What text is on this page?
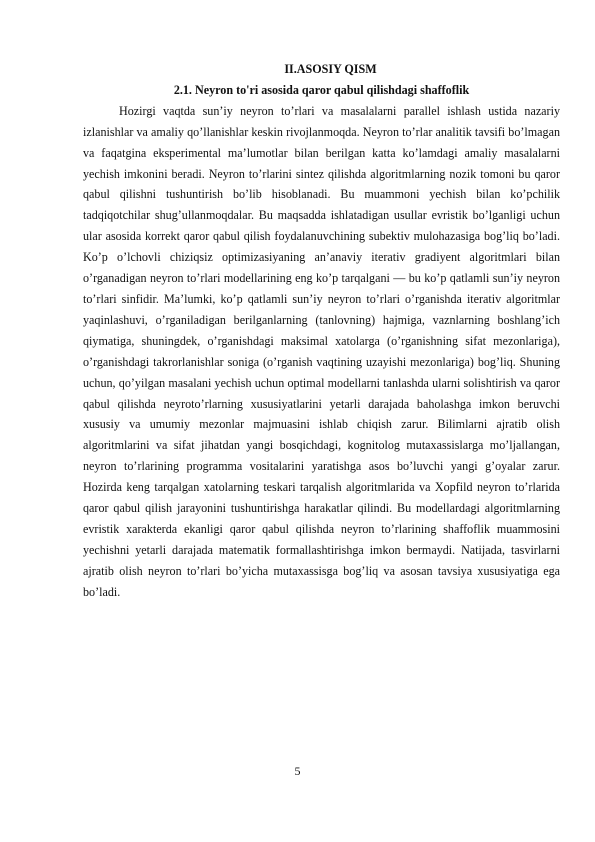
II.ASOSIY QISM
2.1. Neyron to'ri asosida qaror qabul qilishdagi shaffoflik

Hozirgi vaqtda sun’iy neyron to’rlari va masalalarni parallel ishlash ustida nazariy izlanishlar va amaliy qo’llanishlar keskin rivojlanmoqda. Neyron to’rlar analitik tavsifi bo’lmagan va faqatgina eksperimental ma’lumotlar bilan berilgan katta ko’lamdagi amaliy masalalarni yechish imkonini beradi. Neyron to’rlarini sintez qilishda algoritmlarning nozik tomoni bu qaror qabul qilishni tushuntirish bo’lib hisoblanadi. Bu muammoni yechish bilan ko’pchilik tadqiqotchilar shug’ullanmoqdalar. Bu maqsadda ishlatadigan usullar evristik bo’lganligi uchun ular asosida korrekt qaror qabul qilish foydalanuvchining subektiv mulohazasiga bog’liq bo’ladi. Ko’p o’lchovli chiziqsiz optimizasiyaning an’anaviy iterativ gradiyent algoritmlari bilan o’rganadigan neyron to’rlari modellarining eng ko’p tarqalgani — bu ko’p qatlamli sun’iy neyron to’rlari sinfidir. Ma’lumki, ko’p qatlamli sun’iy neyron to’rlari o’rganishda iterativ algoritmlar yaqinlashuvi, o’rganiladigan berilganlarning (tanlovning) hajmiga, vaznlarning boshlang’ich qiymatiga, shuningdek, o’rganishdagi maksimal xatolarga (o’rganishning sifat mezonlariga), o’rganishdagi takrorlanishlar soniga (o’rganish vaqtining uzayishi mezonlariga) bog’liq. Shuning uchun, qo’yilgan masalani yechish uchun optimal modellarni tanlashda ularni solishtirish va qaror qabul qilishda neyroto’rlarning xususiyatlarini yetarli darajada baholashga imkon beruvchi xususiy va umumiy mezonlar majmuasini ishlab chiqish zarur. Bilimlarni ajratib olish algoritmlarini va sifat jihatdan yangi bosqichdagi, kognitolog mutaxassislarga mo’ljallangan, neyron to’rlarining programma vositalarini yaratishga asos bo’luvchi yangi g’oyalar zarur. Hozirda keng tarqalgan xatolarning teskari tarqalish algoritmlarida va Xopfild neyron to’rlarida qaror qabul qilish jarayonini tushuntirishga harakatlar qilindi. Bu modellardagi algoritmlarning evristik xarakterda ekanligi qaror qabul qilishda neyron to’rlarining shaffoflik muammosini yechishni yetarli darajada matematik formallashtirishga imkon bermaydi. Natijada, tasvirlarni ajratib olish neyron to’rlari bo’yicha mutaxassisga bog’liq va asosan tavsiya xususiyatiga ega bo’ladi.

5
